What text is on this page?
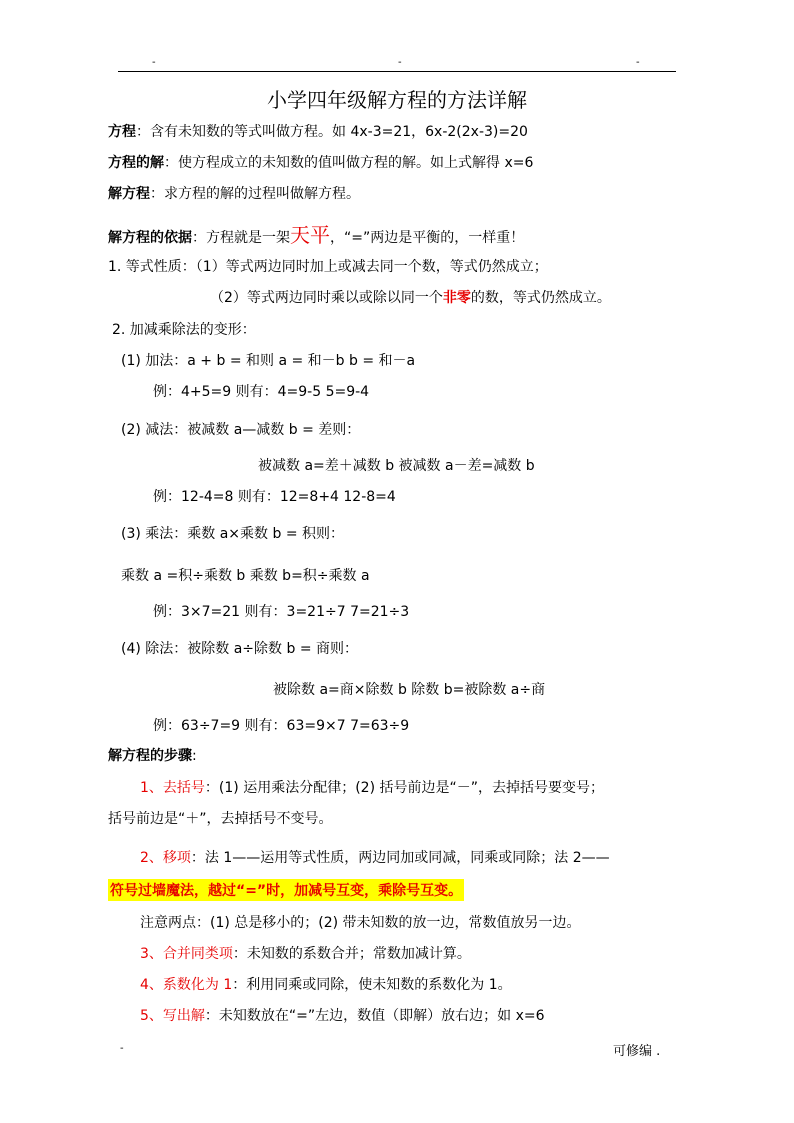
-	-	-
小学四年级解方程的方法详解
方程：含有未知数的等式叫做方程。如 4x-3=21，6x-2(2x-3)=20
方程的解：使方程成立的未知数的值叫做方程的解。如上式解得 x=6
解方程：求方程的解的过程叫做解方程。
解方程的依据：方程就是一架天平，“=”两边是平衡的，一样重！
1. 等式性质：（1）等式两边同时加上或减去同一个数，等式仍然成立；
（2）等式两边同时乘以或除以同一个非零的数，等式仍然成立。
2. 加减乘除法的变形：
(1) 加法：a + b = 和则 a = 和－b b = 和－a
例：4+5=9 则有：4=9-5 5=9-4
(2) 减法：被减数 a—减数 b = 差则：
被减数 a=差＋减数 b 被减数 a－差=减数 b
例：12-4=8 则有：12=8+4 12-8=4
(3) 乘法：乘数 a×乘数 b = 积则：
乘数 a =积÷乘数 b 乘数 b=积÷乘数 a
例：3×7=21 则有：3=21÷7 7=21÷3
(4) 除法：被除数 a÷除数 b = 商则：
被除数 a=商×除数 b 除数 b=被除数 a÷商
例：63÷7=9 则有：63=9×7 7=63÷9
解方程的步骤:
1、去括号：(1) 运用乘法分配律；(2) 括号前边是“－”，去掉括号要变号；
括号前边是“＋”，去掉括号不变号。
2、移项：法 1——运用等式性质，两边同加或同减，同乘或同除；法 2——
符号过墙魔法，越过“=”时，加减号互变，乘除号互变。
注意两点：(1) 总是移小的；(2) 带未知数的放一边，常数值放另一边。
3、合并同类项：未知数的系数合并；常数加减计算。
4、系数化为 1：利用同乘或同除，使未知数的系数化为 1。
5、写出解：未知数放在“=”左边，数值（即解）放右边；如 x=6
-	可修编 .
